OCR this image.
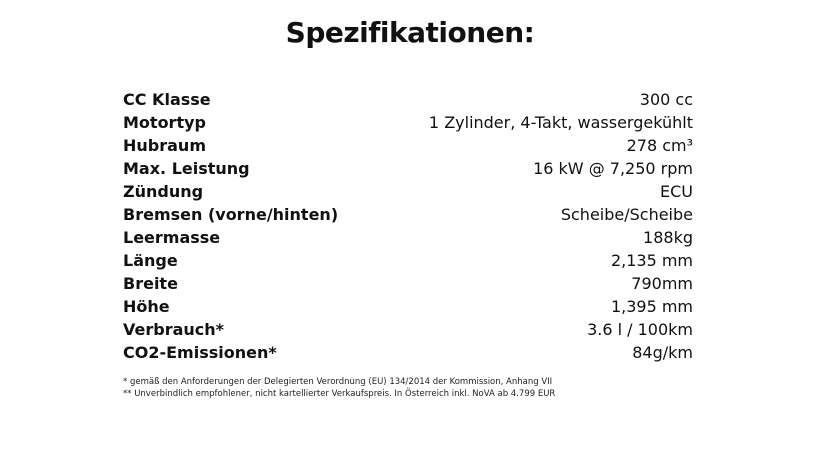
Spezifikationen:
CC Klasse	300 cc
Motortyp	1 Zylinder, 4-Takt, wassergekühlt
Hubraum	278 cm³
Max. Leistung	16 kW @ 7,250 rpm
Zündung	ECU
Bremsen (vorne/hinten)	Scheibe/Scheibe
Leermasse	188kg
Länge	2,135 mm
Breite	790mm
Höhe	1,395 mm
Verbrauch*	3.6 l / 100km
CO2-Emissionen*	84g/km
* gemäß den Anforderungen der Delegierten Verordnung (EU) 134/2014 der Kommission, Anhang VII
** Unverbindlich empfohlener, nicht kartellierter Verkaufspreis. In Österreich inkl. NoVA ab 4.799 EUR
